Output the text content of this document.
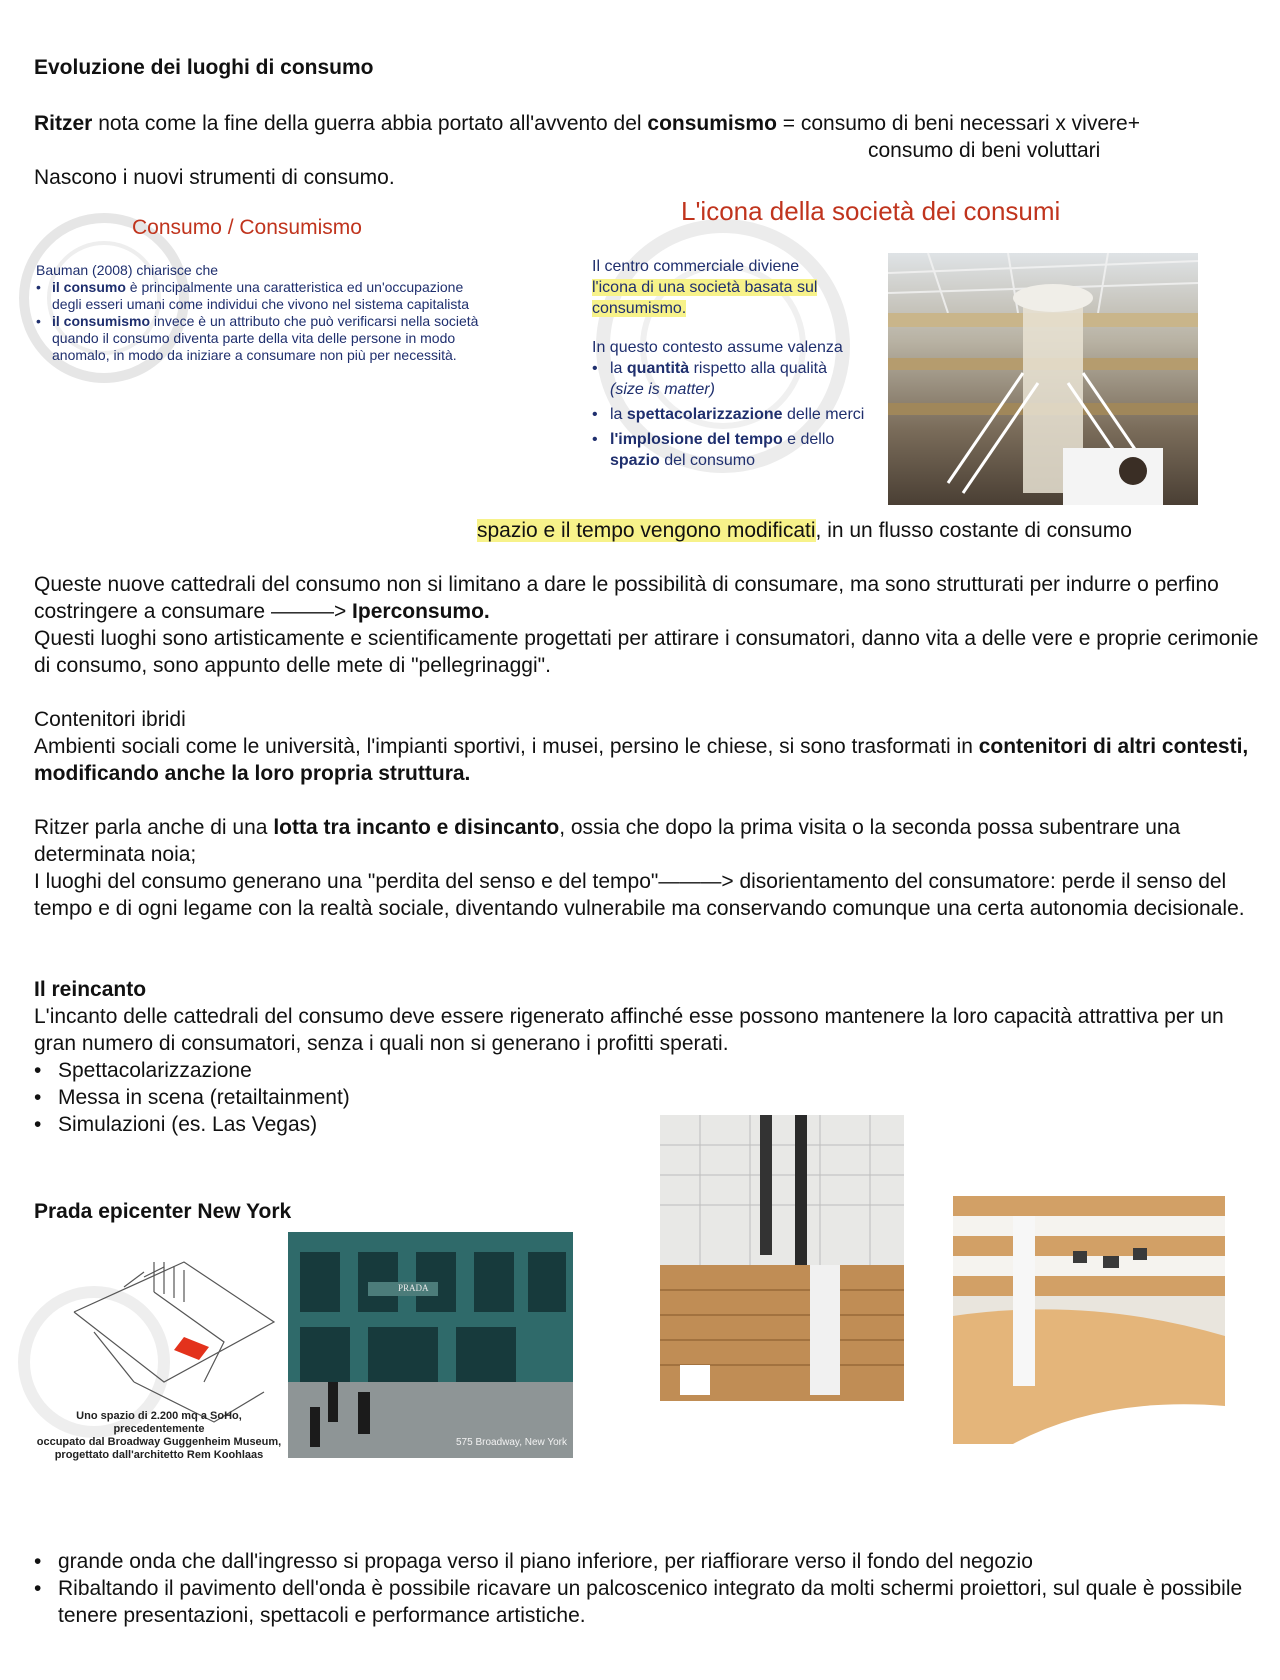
Evoluzione dei luoghi di consumo
Ritzer nota come la fine della guerra abbia portato all'avvento del consumismo = consumo di beni necessari x vivere+
consumo di beni voluttari
Nascono i nuovi strumenti di consumo.
Consumo / Consumismo
Bauman (2008) chiarisce che
• il consumo è principalmente una caratteristica ed un'occupazione degli esseri umani come individui che vivono nel sistema capitalista
• il consumismo invece è un attributo che può verificarsi nella società quando il consumo diventa parte della vita delle persone in modo anomalo, in modo da iniziare a consumare non più per necessità.
L'icona della società dei consumi
Il centro commerciale diviene
l'icona di una società basata sul
consumismo.
In questo contesto assume valenza
• la quantità rispetto alla qualità
(size is matter)
• la spettacolarizzazione delle merci
• l'implosione del tempo e dello spazio del consumo
spazio e il tempo vengono modificati, in un flusso costante di consumo
Queste nuove cattedrali del consumo non si limitano a dare le possibilità di consumare, ma sono strutturati per indurre o perfino costringere a consumare ———> Iperconsumo.
Questi luoghi sono artisticamente e scientificamente progettati per attirare i consumatori, danno vita a delle vere e proprie cerimonie di consumo, sono appunto delle mete di "pellegrinaggi".
Contenitori ibridi
Ambienti sociali come le università, l'impianti sportivi, i musei, persino le chiese, si sono trasformati in contenitori di altri contesti, modificando anche la loro propria struttura.
Ritzer parla anche di una lotta tra incanto e disincanto, ossia che dopo la prima visita o la seconda possa subentrare una determinata noia;
I luoghi del consumo generano una "perdita del senso e del tempo"———> disorientamento del consumatore: perde il senso del tempo e di ogni legame con la realtà sociale, diventando vulnerabile ma conservando comunque una certa autonomia decisionale.
Il reincanto
L'incanto delle cattedrali del consumo deve essere rigenerato affinché esse possono mantenere la loro capacità attrattiva per un gran numero di consumatori, senza i quali non si generano i profitti sperati.
• Spettacolarizzazione
• Messa in scena (retailtainment)
• Simulazioni (es. Las Vegas)
Prada epicenter New York
Uno spazio di 2.200 mq a SoHo, precedentemente
occupato dal Broadway Guggenheim Museum,
progettato dall'architetto Rem Koohlaas
PRADA
575 Broadway, New York
• grande onda che dall'ingresso si propaga verso il piano inferiore, per riaffiorare verso il fondo del negozio
• Ribaltando il pavimento dell'onda è possibile ricavare un palcoscenico integrato da molti schermi proiettori, sul quale è possibile tenere presentazioni, spettacoli e performance artistiche.
